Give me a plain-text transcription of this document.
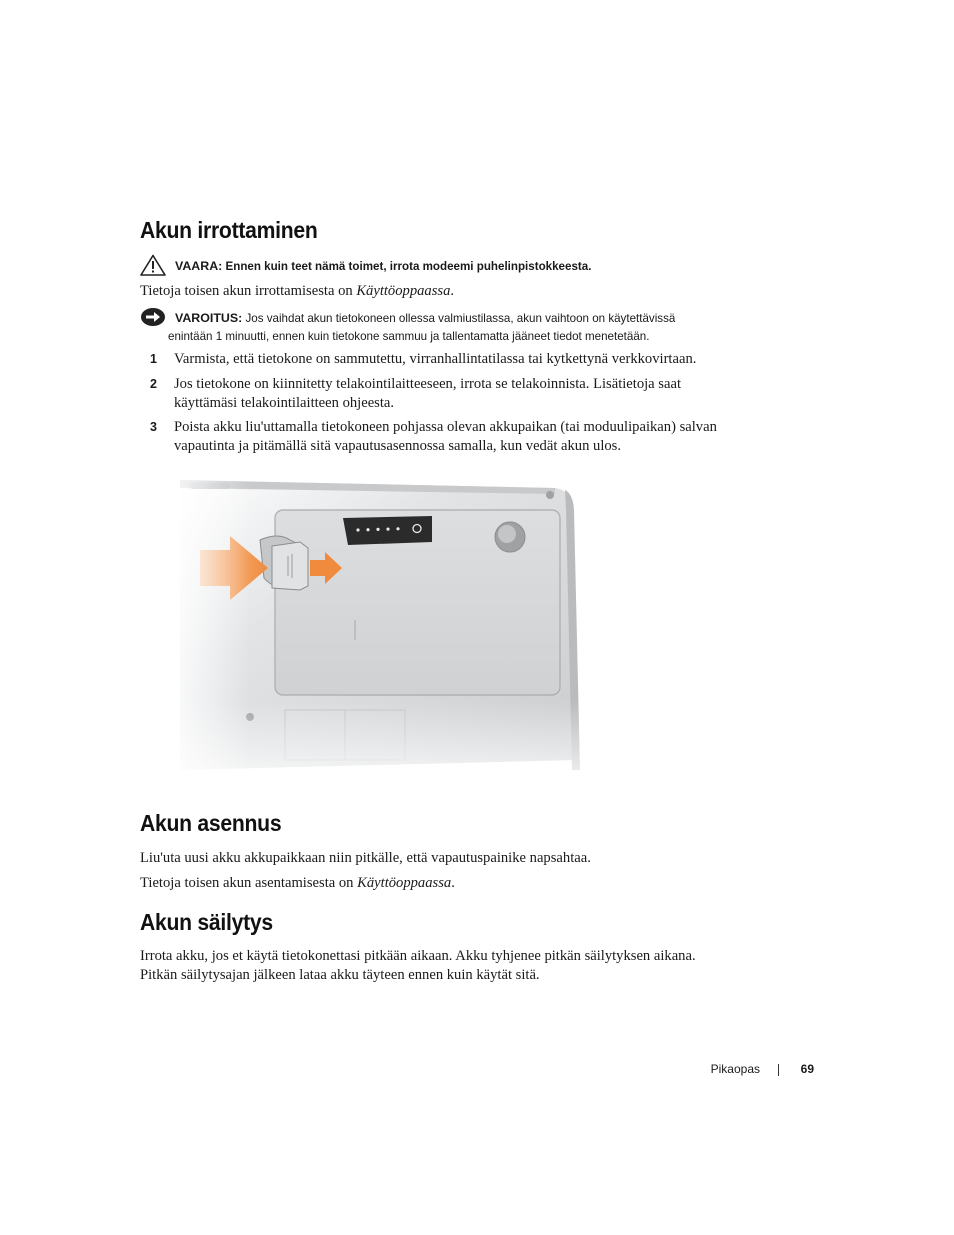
Akun irrottaminen
VAARA: Ennen kuin teet nämä toimet, irrota modeemi puhelinpistokkeesta.

Tietoja toisen akun irrottamisesta on Käyttöoppaassa.

VAROITUS: Jos vaihdat akun tietokoneen ollessa valmiustilassa, akun vaihtoon on käytettävissä
enintään 1 minuutti, ennen kuin tietokone sammuu ja tallentamatta jääneet tiedot menetetään.
1 Varmista, että tietokone on sammutettu, virranhallintatilassa tai kytkettynä verkkovirtaan.
2 Jos tietokone on kiinnitetty telakointilaitteeseen, irrota se telakoinnista. Lisätietoja saat
käyttämäsi telakointilaitteen ohjeesta.
3 Poista akku liu'uttamalla tietokoneen pohjassa olevan akkupaikan (tai moduulipaikan) salvan
vapautinta ja pitämällä sitä vapautusasennossa samalla, kun vedät akun ulos.
Akun asennus

Liu'uta uusi akku akkupaikkaan niin pitkälle, että vapautuspainike napsahtaa.

Tietoja toisen akun asentamisesta on Käyttöoppaassa.

Akun säilytys

Irrota akku, jos et käytä tietokonettasi pitkään aikaan. Akku tyhjenee pitkän säilytyksen aikana.
Pitkän säilytysajan jälkeen lataa akku täyteen ennen kuin käytät sitä.

Pikaopas	69
